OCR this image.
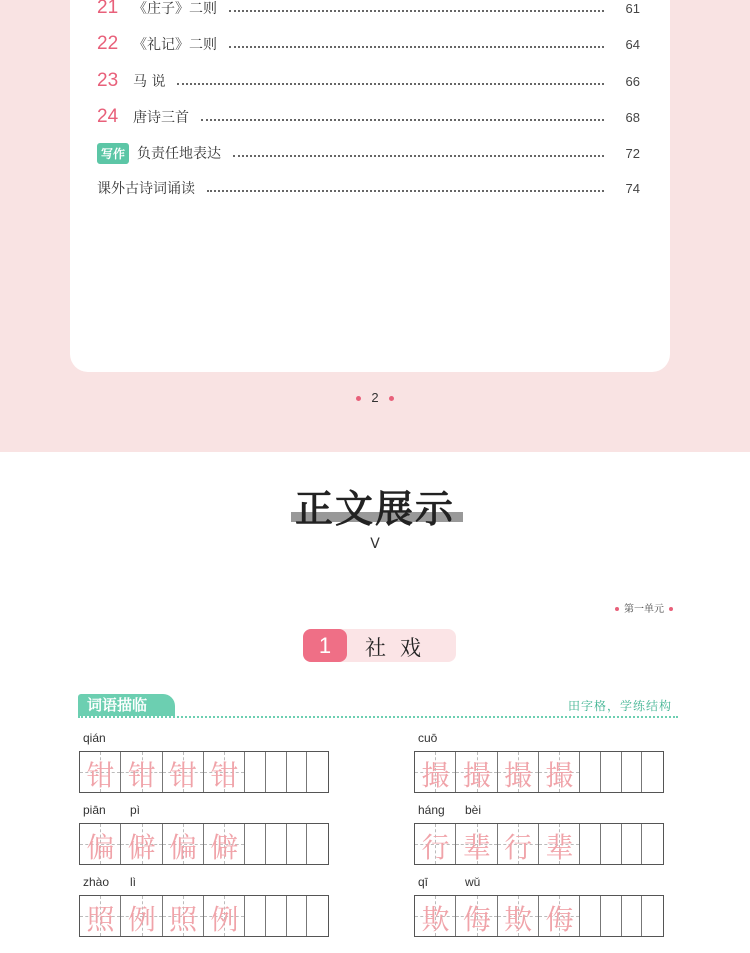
21	《庄子》二则	61
22	《礼记》二则	64
23	马 说	66
24	唐诗三首	68
写作 负责任地表达	72
课外古诗词诵读	74
2
正文展示
V
第一单元
1	社戏
词语描临	田字格，学练结构
qián
钳 钳 钳 钳
cuō
撮 撮 撮 撮
piān	pì
偏 僻 偏 僻
háng	bèi
行 辈 行 辈
zhào	lì
照 例 照 例
qī	wǔ
欺 侮 欺 侮
